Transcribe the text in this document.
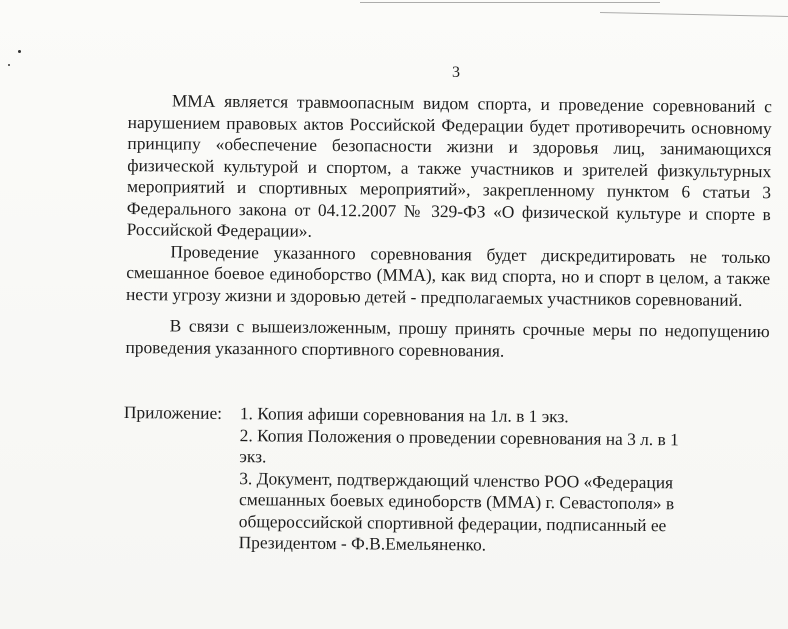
3

ММА является травмоопасным видом спорта, и проведение соревнований с нарушением правовых актов Российской Федерации будет противоречить основному принципу «обеспечение безопасности жизни и здоровья лиц, занимающихся физической культурой и спортом, а также участников и зрителей физкультурных мероприятий и спортивных мероприятий», закрепленному пунктом 6 статьи 3 Федерального закона от 04.12.2007 № 329-ФЗ «О физической культуре и спорте в Российской Федерации».

Проведение указанного соревнования будет дискредитировать не только смешанное боевое единоборство (ММА), как вид спорта, но и спорт в целом, а также нести угрозу жизни и здоровью детей - предполагаемых участников соревнований.

В связи с вышеизложенным, прошу принять срочные меры по недопущению проведения указанного спортивного соревнования.

Приложение: 1. Копия афиши соревнования на 1л. в 1 экз.

2. Копия Положения о проведении соревнования на 3 л. в 1 экз.

3. Документ, подтверждающий членство РОО «Федерация смешанных боевых единоборств (ММА) г. Севастополя» в общероссийской спортивной федерации, подписанный ее Президентом - Ф.В.Емельяненко.
